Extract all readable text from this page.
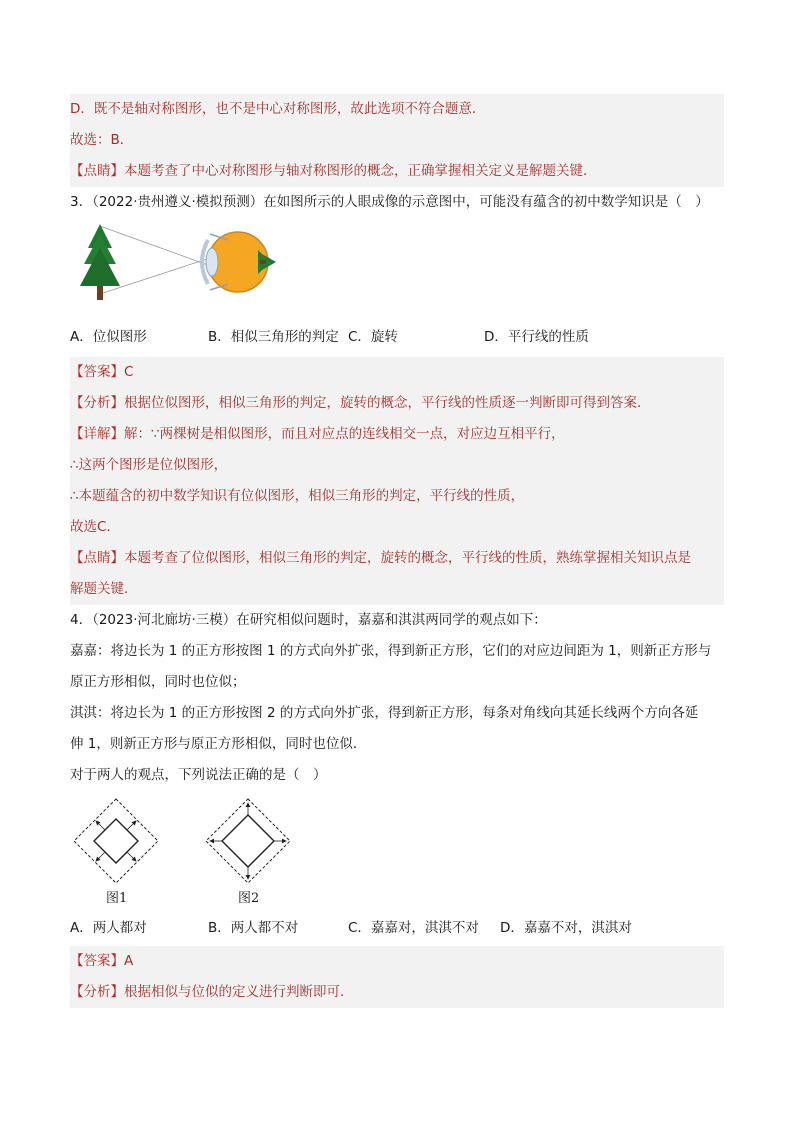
D．既不是轴对称图形，也不是中心对称图形，故此选项不符合题意．
故选：B．
【点睛】本题考查了中心对称图形与轴对称图形的概念，正确掌握相关定义是解题关键．
3．（2022·贵州遵义·模拟预测）在如图所示的人眼成像的示意图中，可能没有蕴含的初中数学知识是（　）
A．位似图形	B．相似三角形的判定 C．旋转	D．平行线的性质
【答案】C
【分析】根据位似图形，相似三角形的判定，旋转的概念，平行线的性质逐一判断即可得到答案．
【详解】解：∵两棵树是相似图形，而且对应点的连线相交一点，对应边互相平行，
∴这两个图形是位似图形，
∴本题蕴含的初中数学知识有位似图形，相似三角形的判定，平行线的性质，
故选C．
【点睛】本题考查了位似图形，相似三角形的判定，旋转的概念，平行线的性质，熟练掌握相关知识点是
解题关键．
4．（2023·河北廊坊·三模）在研究相似问题时，嘉嘉和淇淇两同学的观点如下：
嘉嘉：将边长为 1 的正方形按图 1 的方式向外扩张，得到新正方形，它们的对应边间距为 1，则新正方形与
原正方形相似，同时也位似；
淇淇：将边长为 1 的正方形按图 2 的方式向外扩张，得到新正方形，每条对角线向其延长线两个方向各延
伸 1，则新正方形与原正方形相似，同时也位似．
对于两人的观点，下列说法正确的是（　）
图1	图2
A．两人都对	B．两人都不对	C．嘉嘉对，淇淇不对 D．嘉嘉不对，淇淇对
【答案】A
【分析】根据相似与位似的定义进行判断即可．
